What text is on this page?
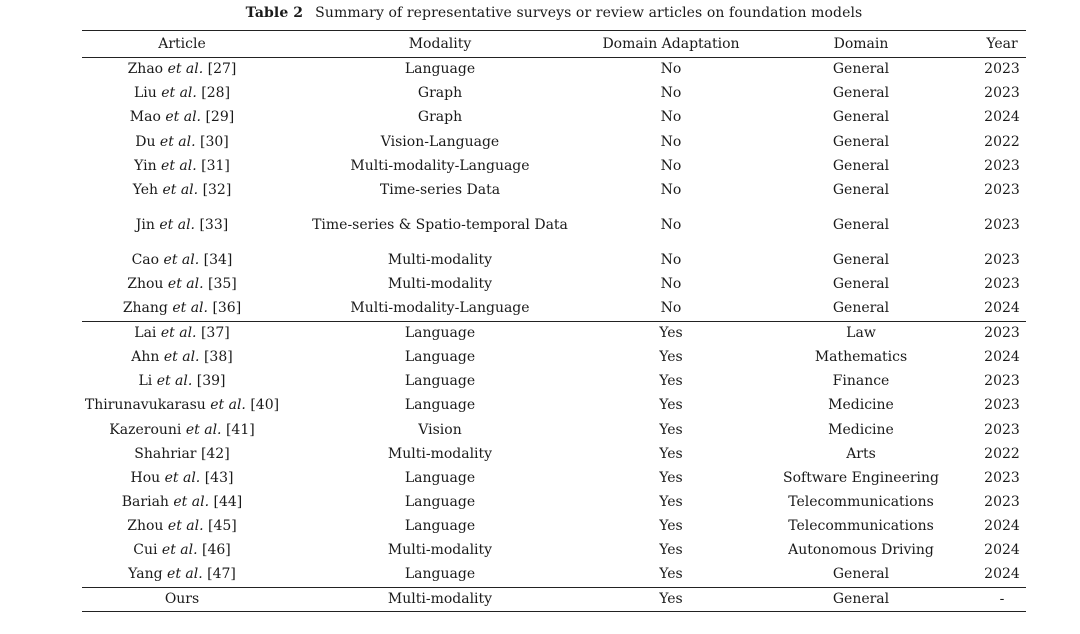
Table 2 Summary of representative surveys or review articles on foundation models
Article	Modality	Domain Adaptation	Domain	Year
Zhao et al. [27]	Language	No	General	2023
Liu et al. [28]	Graph	No	General	2023
Mao et al. [29]	Graph	No	General	2024
Du et al. [30]	Vision-Language	No	General	2022
Yin et al. [31]	Multi-modality-Language	No	General	2023
Yeh et al. [32]	Time-series Data	No	General	2023
Jin et al. [33]	Time-series & Spatio-temporal Data	No	General	2023
Cao et al. [34]	Multi-modality	No	General	2023
Zhou et al. [35]	Multi-modality	No	General	2023
Zhang et al. [36]	Multi-modality-Language	No	General	2024
Lai et al. [37]	Language	Yes	Law	2023
Ahn et al. [38]	Language	Yes	Mathematics	2024
Li et al. [39]	Language	Yes	Finance	2023
Thirunavukarasu et al. [40]	Language	Yes	Medicine	2023
Kazerouni et al. [41]	Vision	Yes	Medicine	2023
Shahriar [42]	Multi-modality	Yes	Arts	2022
Hou et al. [43]	Language	Yes	Software Engineering	2023
Bariah et al. [44]	Language	Yes	Telecommunications	2023
Zhou et al. [45]	Language	Yes	Telecommunications	2024
Cui et al. [46]	Multi-modality	Yes	Autonomous Driving	2024
Yang et al. [47]	Language	Yes	General	2024
Ours	Multi-modality	Yes	General	-
